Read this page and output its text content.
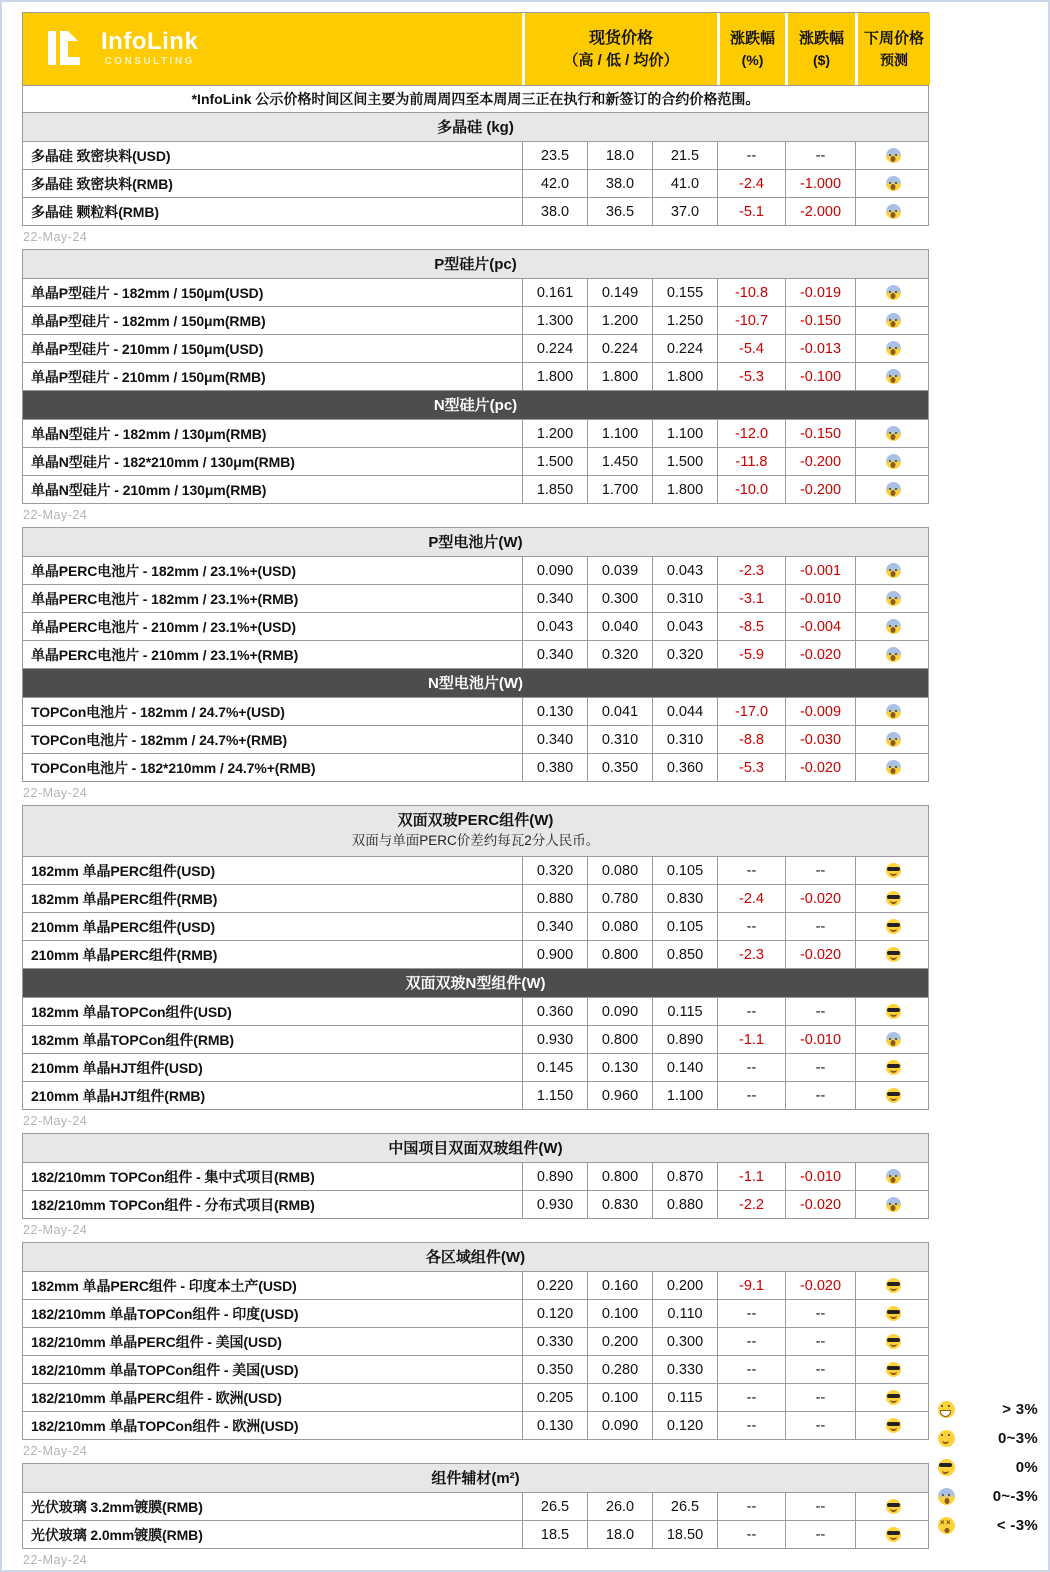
InfoLink
CONSULTING
现货价格
（高 / 低 / 均价）
涨跌幅
(%)
涨跌幅
($)
下周价格
预测
*InfoLink 公示价格时间区间主要为前周周四至本周周三正在执行和新签订的合约价格范围。
多晶硅 (kg)
多晶硅 致密块料(USD)	23.5	18.0	21.5	--	--
多晶硅 致密块料(RMB)	42.0	38.0	41.0	-2.4	-1.000
多晶硅 颗粒料(RMB)	38.0	36.5	37.0	-5.1	-2.000
22-May-24
P型硅片(pc)
单晶P型硅片 - 182mm / 150μm(USD)	0.161	0.149	0.155	-10.8	-0.019
单晶P型硅片 - 182mm / 150μm(RMB)	1.300	1.200	1.250	-10.7	-0.150
单晶P型硅片 - 210mm / 150μm(USD)	0.224	0.224	0.224	-5.4	-0.013
单晶P型硅片 - 210mm / 150μm(RMB)	1.800	1.800	1.800	-5.3	-0.100
N型硅片(pc)
单晶N型硅片 - 182mm / 130μm(RMB)	1.200	1.100	1.100	-12.0	-0.150
单晶N型硅片 - 182*210mm / 130μm(RMB)	1.500	1.450	1.500	-11.8	-0.200
单晶N型硅片 - 210mm / 130μm(RMB)	1.850	1.700	1.800	-10.0	-0.200
22-May-24
P型电池片(W)
单晶PERC电池片 - 182mm / 23.1%+(USD)	0.090	0.039	0.043	-2.3	-0.001
单晶PERC电池片 - 182mm / 23.1%+(RMB)	0.340	0.300	0.310	-3.1	-0.010
单晶PERC电池片 - 210mm / 23.1%+(USD)	0.043	0.040	0.043	-8.5	-0.004
单晶PERC电池片 - 210mm / 23.1%+(RMB)	0.340	0.320	0.320	-5.9	-0.020
N型电池片(W)
TOPCon电池片 - 182mm / 24.7%+(USD)	0.130	0.041	0.044	-17.0	-0.009
TOPCon电池片 - 182mm / 24.7%+(RMB)	0.340	0.310	0.310	-8.8	-0.030
TOPCon电池片 - 182*210mm / 24.7%+(RMB)	0.380	0.350	0.360	-5.3	-0.020
22-May-24
双面双玻PERC组件(W)
双面与单面PERC价差约每瓦2分人民币。
182mm 单晶PERC组件(USD)	0.320	0.080	0.105	--	--
182mm 单晶PERC组件(RMB)	0.880	0.780	0.830	-2.4	-0.020
210mm 单晶PERC组件(USD)	0.340	0.080	0.105	--	--
210mm 单晶PERC组件(RMB)	0.900	0.800	0.850	-2.3	-0.020
双面双玻N型组件(W)
182mm 单晶TOPCon组件(USD)	0.360	0.090	0.115	--	--
182mm 单晶TOPCon组件(RMB)	0.930	0.800	0.890	-1.1	-0.010
210mm 单晶HJT组件(USD)	0.145	0.130	0.140	--	--
210mm 单晶HJT组件(RMB)	1.150	0.960	1.100	--	--
22-May-24
中国项目双面双玻组件(W)
182/210mm TOPCon组件 - 集中式项目(RMB)	0.890	0.800	0.870	-1.1	-0.010
182/210mm TOPCon组件 - 分布式项目(RMB)	0.930	0.830	0.880	-2.2	-0.020
22-May-24
各区域组件(W)
182mm 单晶PERC组件 - 印度本土产(USD)	0.220	0.160	0.200	-9.1	-0.020
182/210mm 单晶TOPCon组件 - 印度(USD)	0.120	0.100	0.110	--	--
182/210mm 单晶PERC组件 - 美国(USD)	0.330	0.200	0.300	--	--
182/210mm 单晶TOPCon组件 - 美国(USD)	0.350	0.280	0.330	--	--
182/210mm 单晶PERC组件 - 欧洲(USD)	0.205	0.100	0.115	--	--
182/210mm 单晶TOPCon组件 - 欧洲(USD)	0.130	0.090	0.120	--	--
22-May-24
组件辅材(m²)
光伏玻璃 3.2mm镀膜(RMB)	26.5	26.0	26.5	--	--
光伏玻璃 2.0mm镀膜(RMB)	18.5	18.0	18.50	--	--
22-May-24
> 3%
0~3%
0%
0~-3%
×
< -3%
